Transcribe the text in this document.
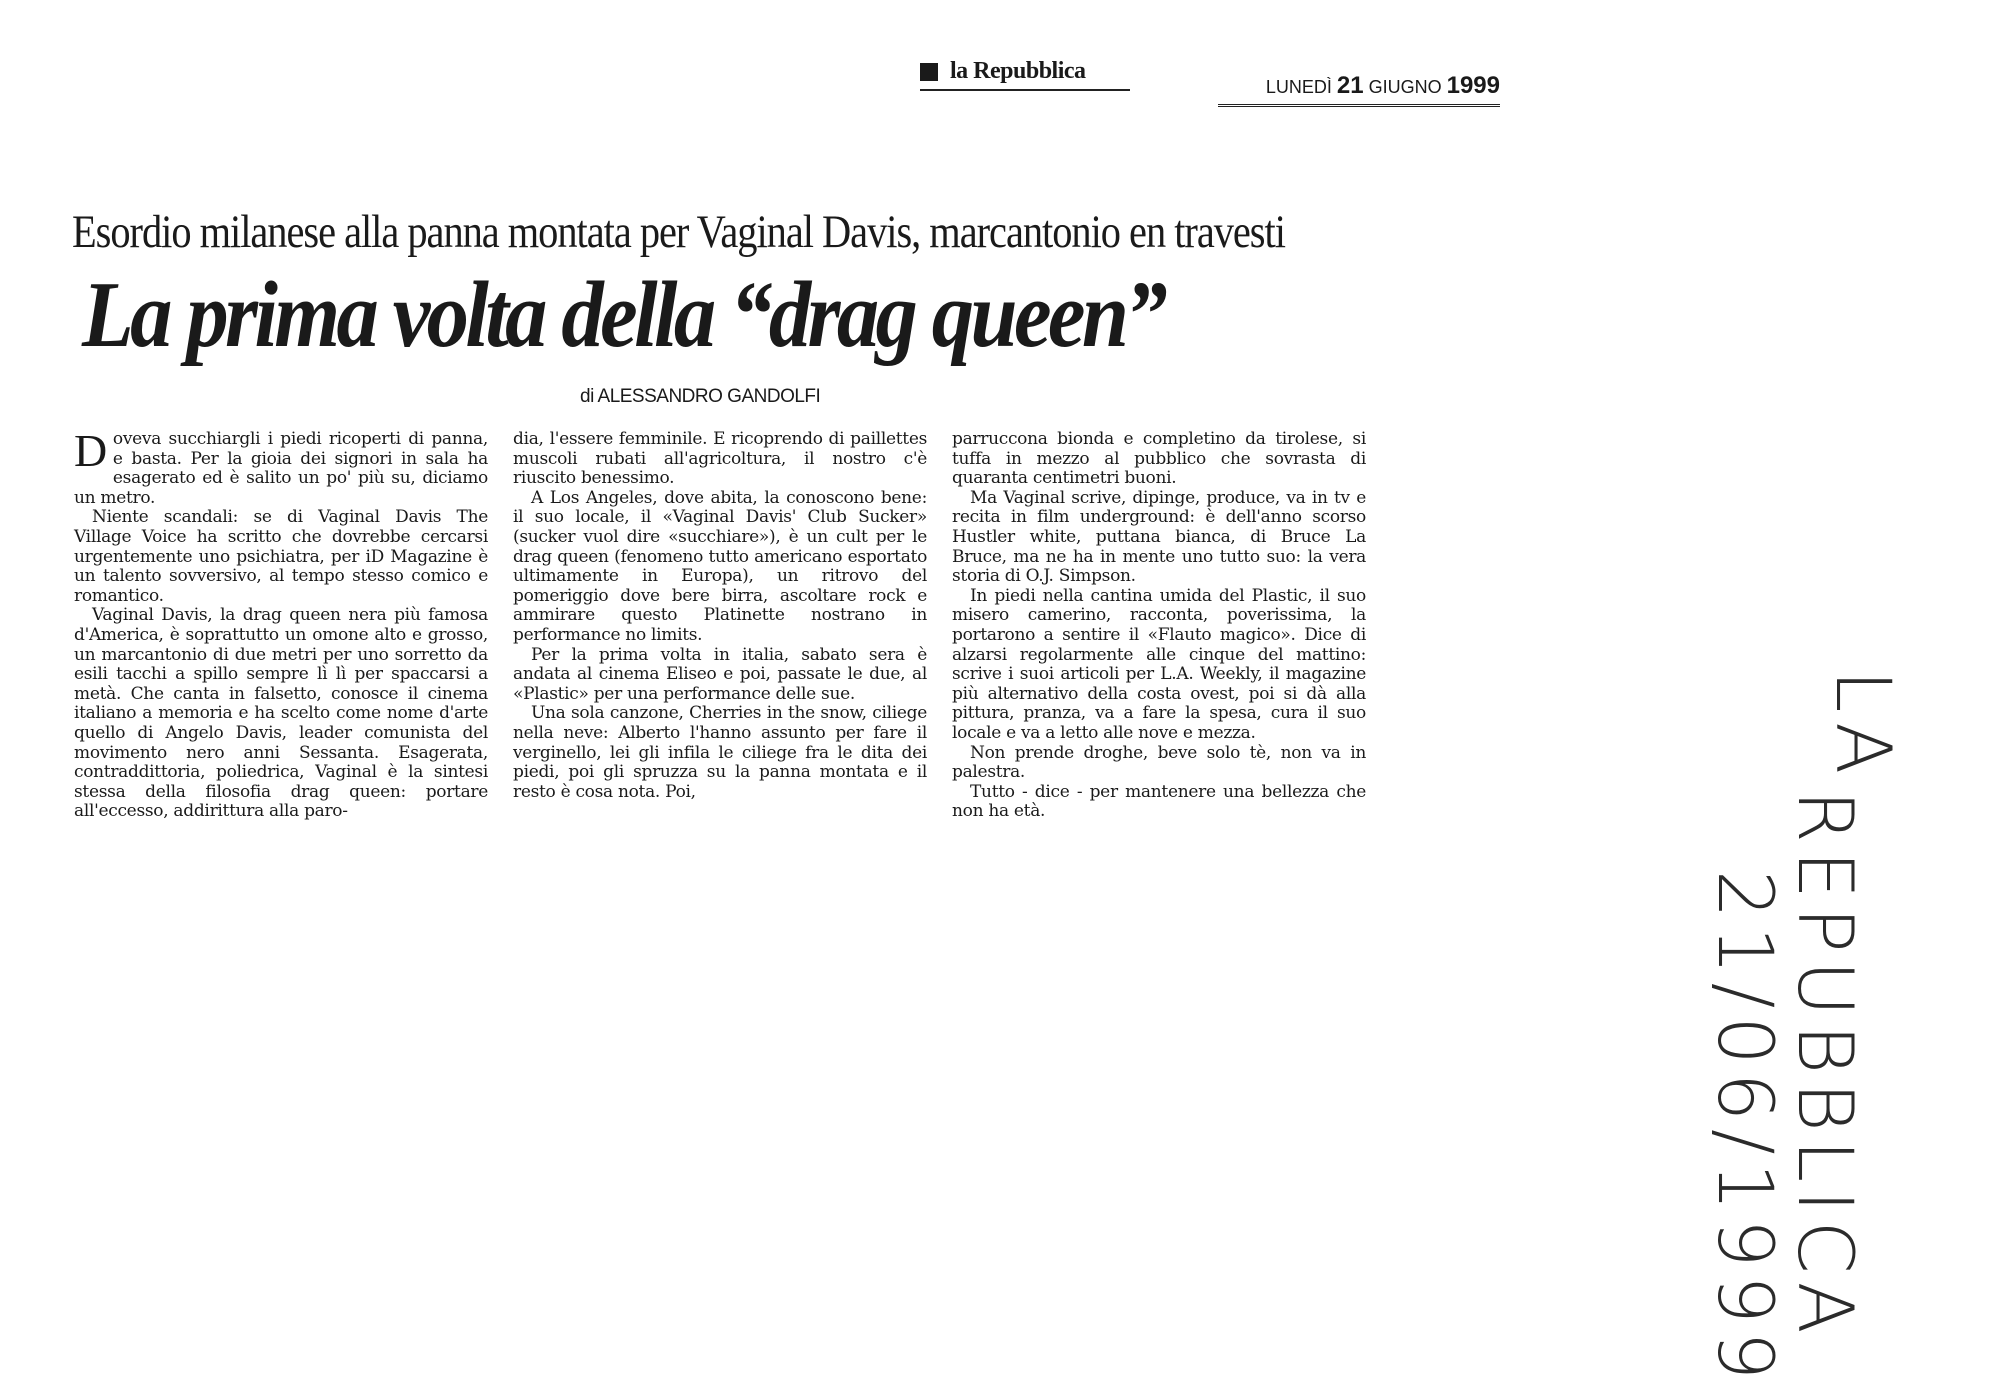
la Repubblica
LUNEDÌ 21 GIUGNO 1999
Esordio milanese alla panna montata per Vaginal Davis, marcantonio en travesti
La prima volta della “drag queen”
di ALESSANDRO GANDOLFI

Doveva succhiargli i piedi ricoperti di panna, e basta. Per la gioia dei signori in sala ha esagerato ed è salito un po' più su, diciamo un metro.

Niente scandali: se di Vaginal Davis The Village Voice ha scritto che dovrebbe cercarsi urgentemente uno psichiatra, per iD Magazine è un talento sovversivo, al tempo stesso comico e romantico.

Vaginal Davis, la drag queen nera più famosa d'America, è soprattutto un omone alto e grosso, un marcantonio di due metri per uno sorretto da esili tacchi a spillo sempre lì lì per spaccarsi a metà. Che canta in falsetto, conosce il cinema italiano a memoria e ha scelto come nome d'arte quello di Angelo Davis, leader comunista del movimento nero anni Sessanta. Esagerata, contraddittoria, poliedrica, Vaginal è la sintesi stessa della filosofia drag queen: portare all'eccesso, addirittura alla paro-

dia, l'essere femminile. E ricoprendo di paillettes muscoli rubati all'agricoltura, il nostro c'è riuscito benessimo.

A Los Angeles, dove abita, la conoscono bene: il suo locale, il «Vaginal Davis' Club Sucker» (sucker vuol dire «succhiare»), è un cult per le drag queen (fenomeno tutto americano esportato ultimamente in Europa), un ritrovo del pomeriggio dove bere birra, ascoltare rock e ammirare questo Platinette nostrano in performance no limits.

Per la prima volta in italia, sabato sera è andata al cinema Eliseo e poi, passate le due, al «Plastic» per una performance delle sue.

Una sola canzone, Cherries in the snow, ciliege nella neve: Alberto l'hanno assunto per fare il verginello, lei gli infila le ciliege fra le dita dei piedi, poi gli spruzza su la panna montata e il resto è cosa nota. Poi,

parruccona bionda e completino da tirolese, si tuffa in mezzo al pubblico che sovrasta di quaranta centimetri buoni.

Ma Vaginal scrive, dipinge, produce, va in tv e recita in film underground: è dell'anno scorso Hustler white, puttana bianca, di Bruce La Bruce, ma ne ha in mente uno tutto suo: la vera storia di O.J. Simpson.

In piedi nella cantina umida del Plastic, il suo misero camerino, racconta, poverissima, la portarono a sentire il «Flauto magico». Dice di alzarsi regolarmente alle cinque del mattino: scrive i suoi articoli per L.A. Weekly, il magazine più alternativo della costa ovest, poi si dà alla pittura, pranza, va a fare la spesa, cura il suo locale e va a letto alle nove e mezza.

Non prende droghe, beve solo tè, non va in palestra.

Tutto - dice - per mantenere una bellezza che non ha età.

LA
REPUBBLICA
21/06/1999
